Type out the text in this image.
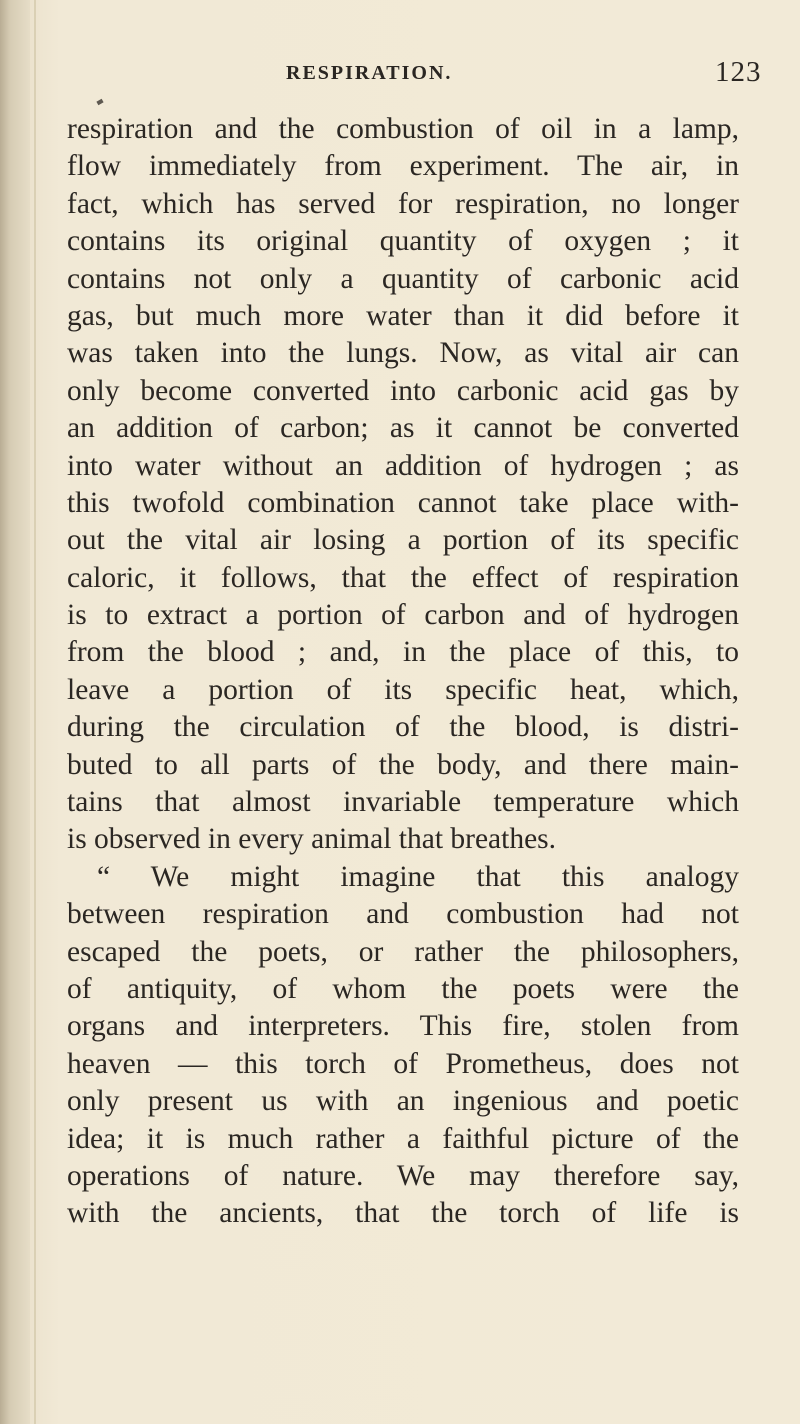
RESPIRATION.	123
respiration and the combustion of oil in a lamp,
flow immediately from experiment. The air, in
fact, which has served for respiration, no longer
contains its original quantity of oxygen ; it
contains not only a quantity of carbonic acid
gas, but much more water than it did before it
was taken into the lungs. Now, as vital air can
only become converted into carbonic acid gas by
an addition of carbon; as it cannot be converted
into water without an addition of hydrogen ; as
this twofold combination cannot take place with-
out the vital air losing a portion of its specific
caloric, it follows, that the effect of respiration
is to extract a portion of carbon and of hydrogen
from the blood ; and, in the place of this, to
leave a portion of its specific heat, which,
during the circulation of the blood, is distri-
buted to all parts of the body, and there main-
tains that almost invariable temperature which
is observed in every animal that breathes.
“ We might imagine that this analogy
between respiration and combustion had not
escaped the poets, or rather the philosophers,
of antiquity, of whom the poets were the
organs and interpreters. This fire, stolen from
heaven — this torch of Prometheus, does not
only present us with an ingenious and poetic
idea; it is much rather a faithful picture of the
operations of nature. We may therefore say,
with the ancients, that the torch of life is
